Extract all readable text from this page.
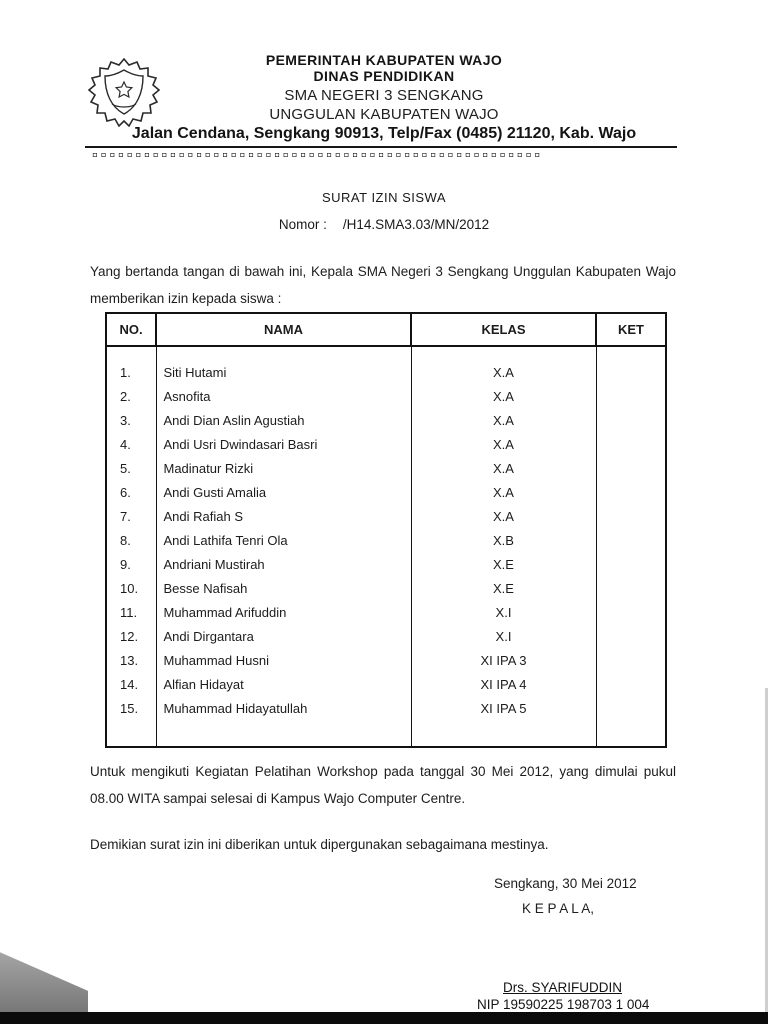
PEMERINTAH KABUPATEN WAJO
DINAS PENDIDIKAN
SMA NEGERI 3 SENGKANG
UNGGULAN KABUPATEN WAJO
Jalan Cendana, Sengkang 90913, Telp/Fax (0485) 21120, Kab. Wajo
▫▫▫▫▫▫▫▫▫▫▫▫▫▫▫▫▫▫▫▫▫▫▫▫▫▫▫▫▫▫▫▫▫▫▫▫▫▫▫▫▫▫▫▫▫▫▫▫▫▫▫▫
SURAT IZIN SISWA
Nomor : /H14.SMA3.03/MN/2012
Yang bertanda tangan di bawah ini, Kepala SMA Negeri 3 Sengkang Unggulan Kabupaten Wajo memberikan izin kepada siswa :
NO.	NAMA	KELAS	KET

1.	Siti Hutami	X.A	
2.	Asnofita	X.A	
3.	Andi Dian Aslin Agustiah	X.A	
4.	Andi Usri Dwindasari Basri	X.A	
5.	Madinatur Rizki	X.A	
6.	Andi Gusti Amalia	X.A	
7.	Andi Rafiah S	X.A	
8.	Andi Lathifa Tenri Ola	X.B	
9.	Andriani Mustirah	X.E	
10.	Besse Nafisah	X.E	
11.	Muhammad Arifuddin	X.I	
12.	Andi Dirgantara	X.I	
13.	Muhammad Husni	XI IPA 3	
14.	Alfian Hidayat	XI IPA 4	
15.	Muhammad Hidayatullah	XI IPA 5	

Untuk mengikuti Kegiatan Pelatihan Workshop pada tanggal 30 Mei 2012, yang dimulai pukul 08.00 WITA sampai selesai di Kampus Wajo Computer Centre.
Demikian surat izin ini diberikan untuk dipergunakan sebagaimana mestinya.
Sengkang, 30 Mei 2012
K E P A L A,
Drs. SYARIFUDDIN
NIP 19590225 198703 1 004
